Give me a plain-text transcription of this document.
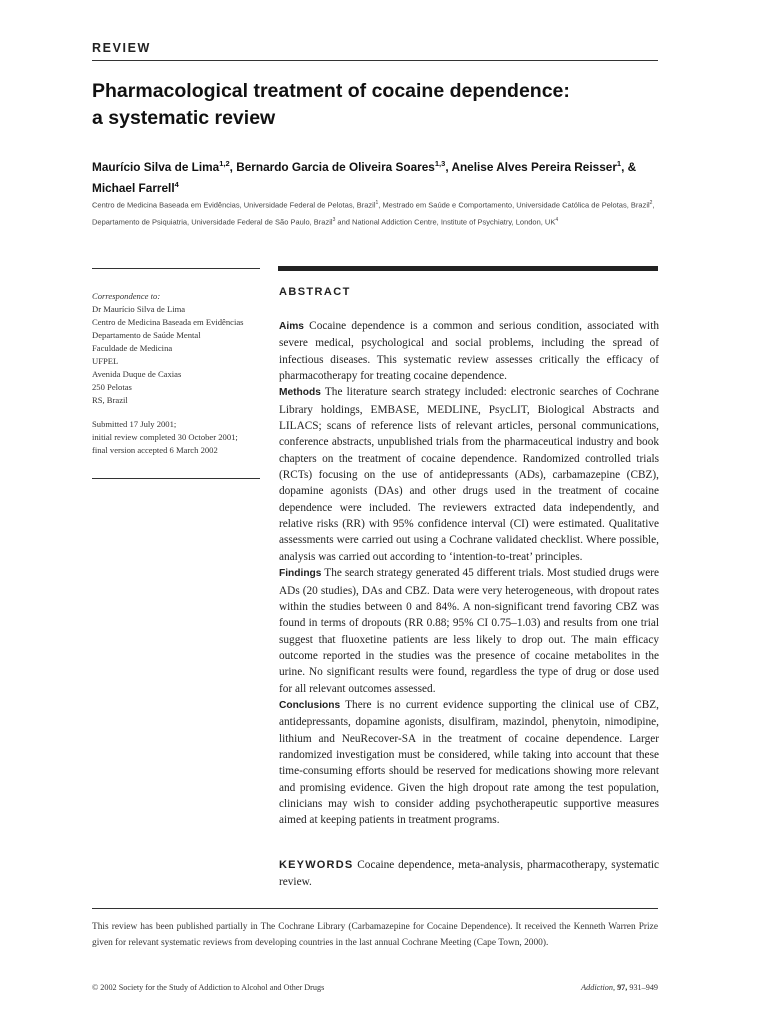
REVIEW
Pharmacological treatment of cocaine dependence:
a systematic review
Maurício Silva de Lima$^{1,2}$, Bernardo Garcia de Oliveira Soares$^{1,3}$, Anelise Alves Pereira Reisser$^1$, & Michael Farrell$^4$
Centro de Medicina Baseada em Evidências, Universidade Federal de Pelotas, Brazil$^1$, Mestrado em Saúde e Comportamento, Universidade Católica de Pelotas, Brazil$^2$, Departamento de Psiquiatria, Universidade Federal de São Paulo, Brazil$^3$ and National Addiction Centre, Institute of Psychiatry, London, $UK^4$
Correspondence to:
Dr Maurício Silva de Lima
Centro de Medicina Baseada em Evidências
Departamento de Saúde Mental
Faculdade de Medicina
UFPEL
Avenida Duque de Caxias
250 Pelotas
RS, Brazil
Submitted 17 July 2001;
initial review completed 30 October 2001;
final version accepted 6 March 2002
ABSTRACT
Aims Cocaine dependence is a common and serious condition, associated with severe medical, psychological and social problems, including the spread of infectious diseases. This systematic review assesses critically the efficacy of pharmacotherapy for treating cocaine dependence.
Methods The literature search strategy included: electronic searches of Cochrane Library holdings, EMBASE, MEDLINE, PsycLIT, Biological Abstracts and LILACS; scans of reference lists of relevant articles, personal communications, conference abstracts, unpublished trials from the pharmaceutical industry and book chapters on the treatment of cocaine dependence. Randomized controlled trials (RCTs) focusing on the use of antidepressants (ADs), carbamazepine (CBZ), dopamine agonists (DAs) and other drugs used in the treatment of cocaine dependence were included. The reviewers extracted data independently, and relative risks (RR) with 95% confidence interval (CI) were estimated. Qualitative assessments were carried out using a Cochrane validated checklist. Where possible, analysis was carried out according to ‘intention-to-treat’ principles.
Findings The search strategy generated 45 different trials. Most studied drugs were ADs (20 studies), DAs and CBZ. Data were very heterogeneous, with dropout rates within the studies between 0 and 84%. A non-significant trend favoring CBZ was found in terms of dropouts (RR 0.88; 95% CI 0.75–1.03) and results from one trial suggest that fluoxetine patients are less likely to drop out. The main efficacy outcome reported in the studies was the presence of cocaine metabolites in the urine. No significant results were found, regardless the type of drug or dose used for all relevant outcomes assessed.
Conclusions There is no current evidence supporting the clinical use of CBZ, antidepressants, dopamine agonists, disulfiram, mazindol, phenytoin, nimodipine, lithium and NeuRecover-SA in the treatment of cocaine dependence. Larger randomized investigation must be considered, while taking into account that these time-consuming efforts should be reserved for medications showing more relevant and promising evidence. Given the high dropout rate among the test population, clinicians may wish to consider adding psychotherapeutic supportive measures aimed at keeping patients in treatment programs.
KEYWORDS Cocaine dependence, meta-analysis, pharmacotherapy, systematic review.
This review has been published partially in The Cochrane Library (Carbamazepine for Cocaine Dependence). It received the Kenneth Warren Prize given for relevant systematic reviews from developing countries in the last annual Cochrane Meeting (Cape Town, 2000).
© 2002 Society for the Study of Addiction to Alcohol and Other Drugs	Addiction, 97, 931–949
